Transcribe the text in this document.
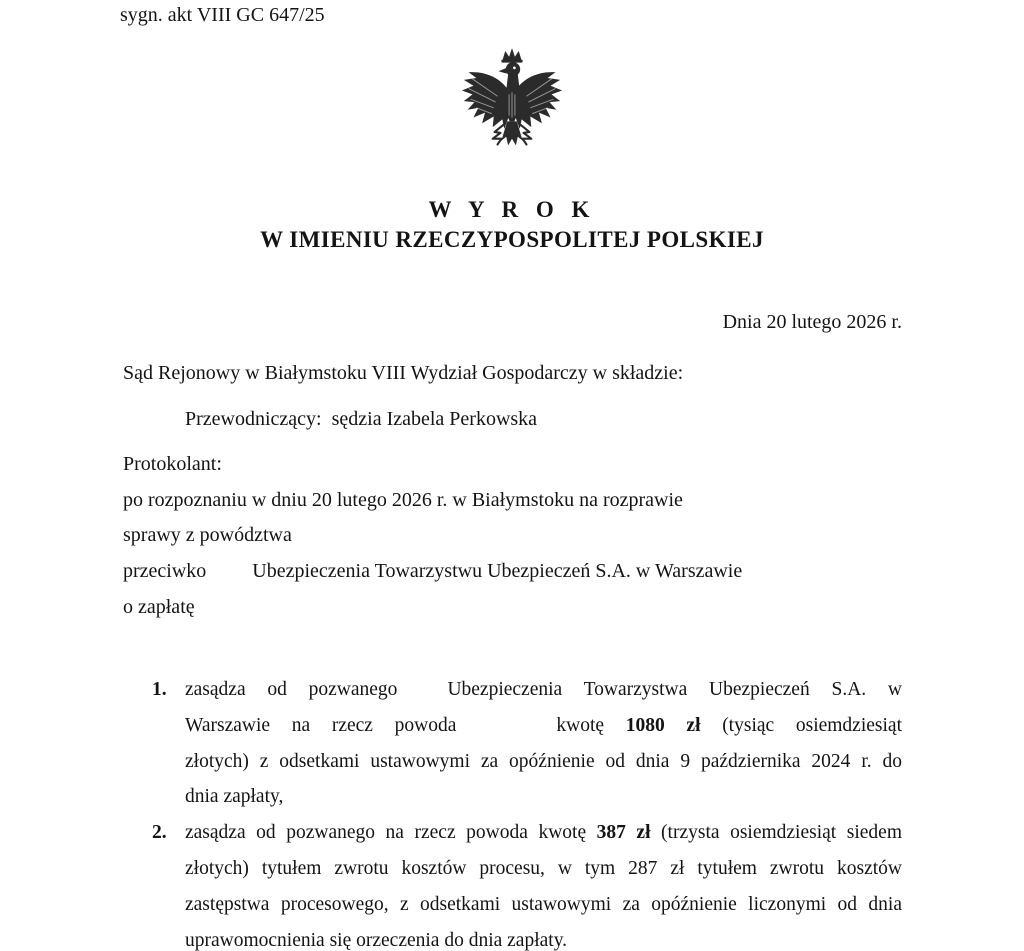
sygn. akt VIII GC 647/25
W Y R O K
W IMIENIU RZECZYPOSPOLITEJ POLSKIEJ
Dnia 20 lutego 2026 r.
Sąd Rejonowy w Białymstoku VIII Wydział Gospodarczy w składzie:
Przewodniczący:  sędzia Izabela Perkowska
Protokolant:
po rozpoznaniu w dniu 20 lutego 2026 r. w Białymstoku na rozprawie
sprawy z powództwa
przeciwko Ubezpieczenia Towarzystwu Ubezpieczeń S.A. w Warszawie
o zapłatę
1. zasądza od pozwanego	Ubezpieczenia Towarzystwa Ubezpieczeń S.A. w
Warszawie na rzecz powoda	kwotę 1080 zł (tysiąc osiemdziesiąt
złotych) z odsetkami ustawowymi za opóźnienie od dnia 9 października 2024 r. do
dnia zapłaty,
2. zasądza od pozwanego na rzecz powoda kwotę 387 zł (trzysta osiemdziesiąt siedem
złotych) tytułem zwrotu kosztów procesu, w tym 287 zł tytułem zwrotu kosztów
zastępstwa procesowego, z odsetkami ustawowymi za opóźnienie liczonymi od dnia
uprawomocnienia się orzeczenia do dnia zapłaty.
